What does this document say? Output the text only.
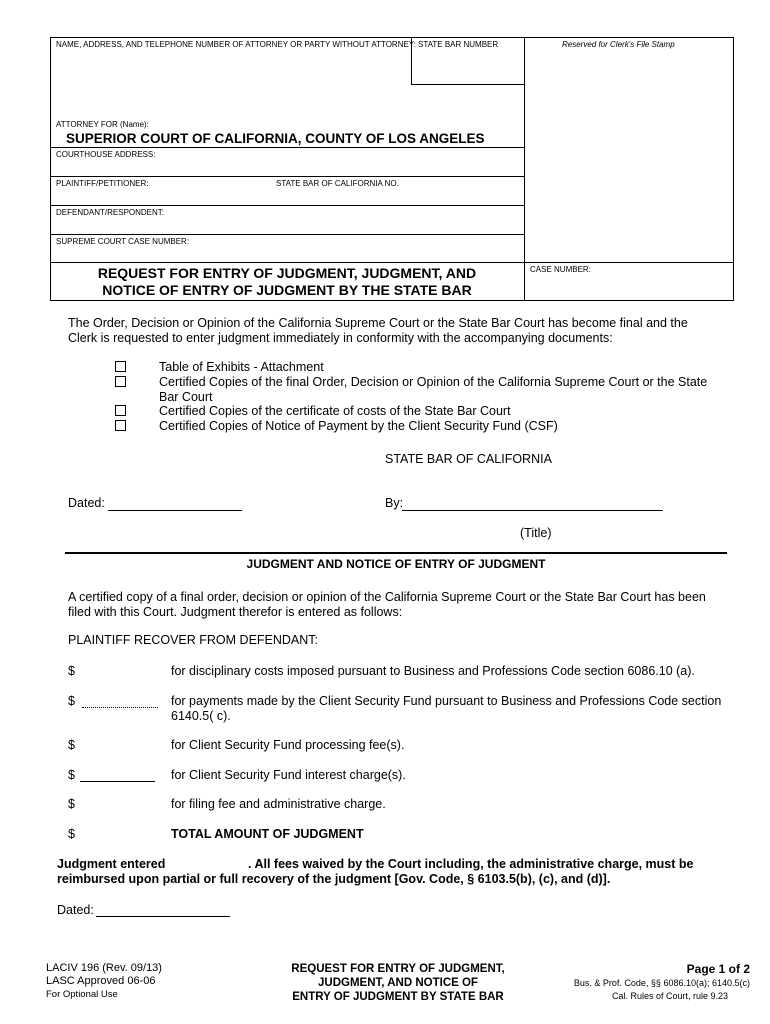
NAME, ADDRESS, AND TELEPHONE NUMBER OF ATTORNEY OR PARTY WITHOUT ATTORNEY: STATE BAR NUMBER	Reserved for Clerk's File Stamp
ATTORNEY FOR (Name):
SUPERIOR COURT OF CALIFORNIA, COUNTY OF LOS ANGELES
COURTHOUSE ADDRESS:
PLAINTIFF/PETITIONER:	STATE BAR OF CALIFORNIA NO.
DEFENDANT/RESPONDENT:
SUPREME COURT CASE NUMBER:
CASE NUMBER:
REQUEST FOR ENTRY OF JUDGMENT, JUDGMENT, AND
NOTICE OF ENTRY OF JUDGMENT BY THE STATE BAR
The Order, Decision or Opinion of the California Supreme Court or the State Bar Court has become final and the
Clerk is requested to enter judgment immediately in conformity with the accompanying documents:
Table of Exhibits - Attachment
Certified Copies of the final Order, Decision or Opinion of the California Supreme Court or the State
Bar Court
Certified Copies of the certificate of costs of the State Bar Court
Certified Copies of Notice of Payment by the Client Security Fund (CSF)
STATE BAR OF CALIFORNIA
Dated:	By:
(Title)
JUDGMENT AND NOTICE OF ENTRY OF JUDGMENT
A certified copy of a final order, decision or opinion of the California Supreme Court or the State Bar Court has been
filed with this Court. Judgment therefor is entered as follows:
PLAINTIFF RECOVER FROM DEFENDANT:
$	for disciplinary costs imposed pursuant to Business and Professions Code section 6086.10 (a).
$	for payments made by the Client Security Fund pursuant to Business and Professions Code section
6140.5( c).
$	for Client Security Fund processing fee(s).
$	for Client Security Fund interest charge(s).
$	for filing fee and administrative charge.
$	TOTAL AMOUNT OF JUDGMENT
Judgment entered	. All fees waived by the Court including, the administrative charge, must be
reimbursed upon partial or full recovery of the judgment [Gov. Code, § 6103.5(b), (c), and (d)].
Dated:
LACIV 196 (Rev. 09/13)
LASC Approved 06-06
For Optional Use
REQUEST FOR ENTRY OF JUDGMENT,
JUDGMENT, AND NOTICE OF
ENTRY OF JUDGMENT BY STATE BAR
Page 1 of 2
Bus. & Prof. Code, §§ 6086.10(a); 6140.5(c)
Cal. Rules of Court, rule 9.23
